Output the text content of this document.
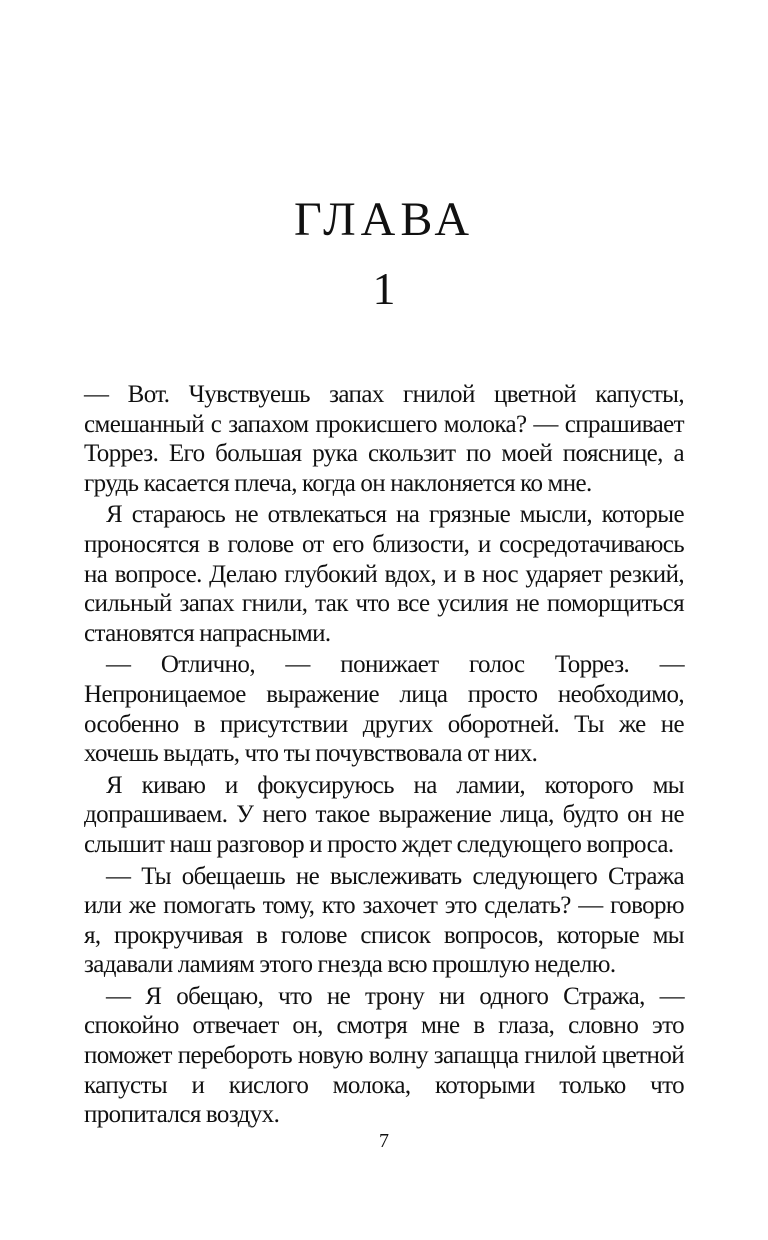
ГЛАВА
1

— Вот. Чувствуешь запах гнилой цветной капусты, смешанный с запахом прокисшего молока? — спрашивает Торрез. Его большая рука скользит по моей пояснице, а грудь касается плеча, когда он наклоняется ко мне.

Я стараюсь не отвлекаться на грязные мысли, которые проносятся в голове от его близости, и сосредотачиваюсь на вопросе. Делаю глубокий вдох, и в нос ударяет резкий, сильный запах гнили, так что все усилия не поморщиться становятся напрасными.

— Отлично, — понижает голос Торрез. — Непроницаемое выражение лица просто необходимо, особенно в присутствии других оборотней. Ты же не хочешь выдать, что ты почувствовала от них.

Я киваю и фокусируюсь на ламии, которого мы допрашиваем. У него такое выражение лица, будто он не слышит наш разговор и просто ждет следующего вопроса.

— Ты обещаешь не выслеживать следующего Стража или же помогать тому, кто захочет это сделать? — говорю я, прокручивая в голове список вопросов, которые мы задавали ламиям этого гнезда всю прошлую неделю.

— Я обещаю, что не трону ни одного Стража, — спокойно отвечает он, смотря мне в глаза, словно это поможет перебороть новую волну запащца гнилой цветной капусты и кислого молока, которыми только что пропитался воздух.

7
